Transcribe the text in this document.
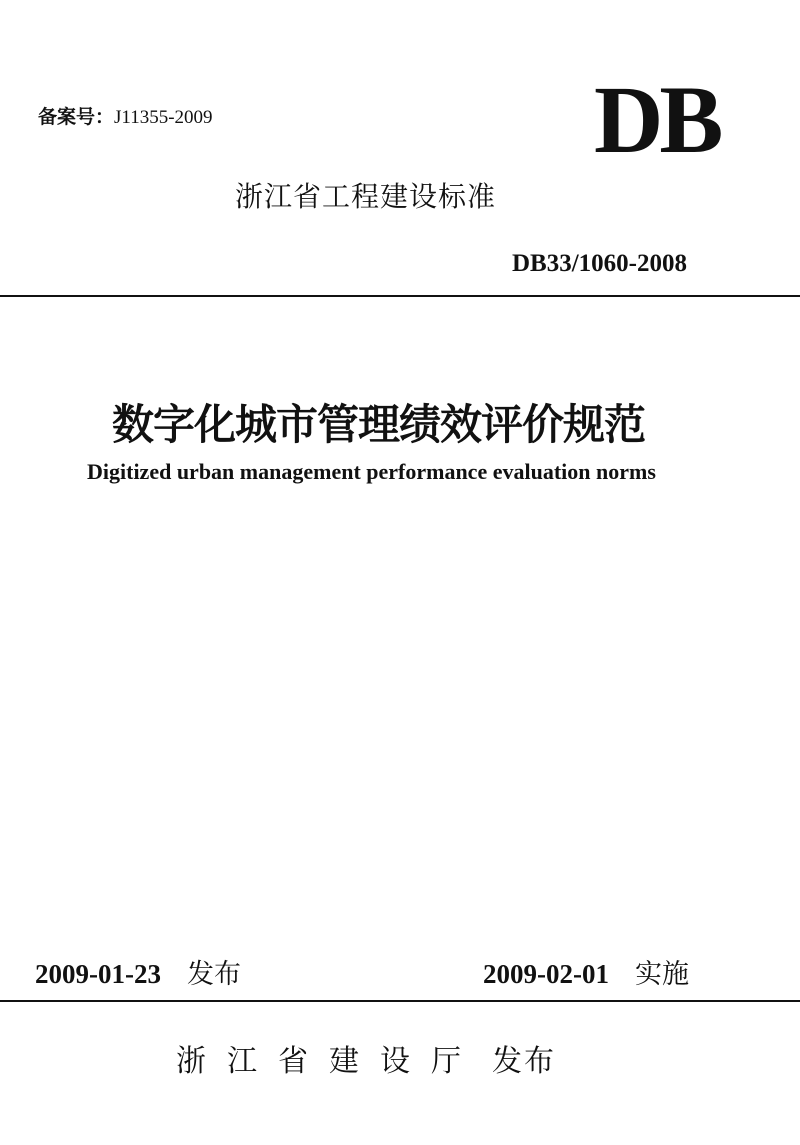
备案号：J11355-2009	DB
浙江省工程建设标准
DB33/1060-2008
数字化城市管理绩效评价规范
Digitized urban management performance evaluation norms
2009-01-23 发布	2009-02-01 实施
浙江省建设厅 发布
